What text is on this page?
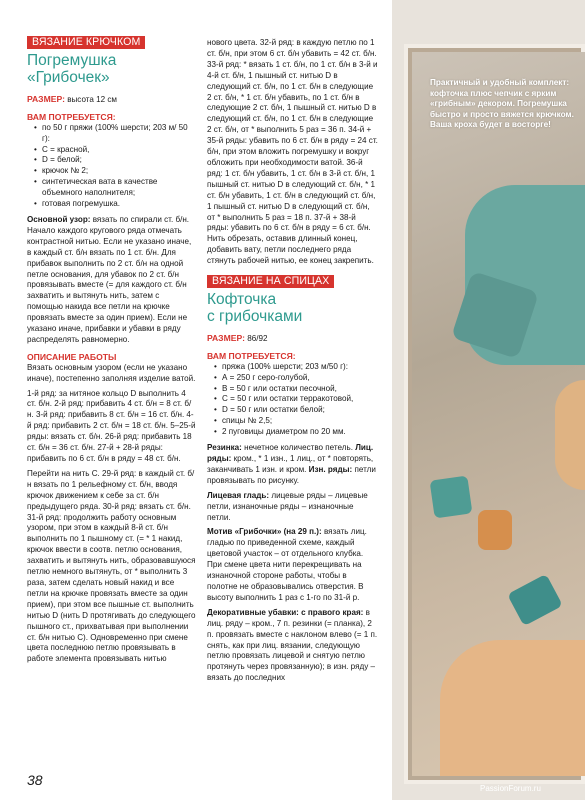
Практичный и удобный комплект: кофточка плюс чепчик с ярким «грибным» декором. Погремушка быстро и просто вяжется крючком. Ваша кроха будет в восторге!
ВЯЗАНИЕ КРЮЧКОМ
Погремушка
«Грибочек»

РАЗМЕР: высота 12 см

ВАМ ПОТРЕБУЕТСЯ:
• по 50 г пряжи (100% шерсти; 203 м/ 50 г):
• С = красной,
• D = белой;
• крючок № 2;
• синтетическая вата в качестве объемного наполнителя;
• готовая погремушка.

Основной узор: вязать по спирали ст. б/н. Начало каждого кругового ряда отмечать контрастной нитью. Если не указано иначе, в каждый ст. б/н вязать по 1 ст. б/н. Для прибавок выполнить по 2 ст. б/н на одной петле основания, для убавок по 2 ст. б/н провязывать вместе (= для каждого ст. б/н захватить и вытянуть нить, затем с помощью накида все петли на крючке провязать вместе за один прием). Если не указано иначе, прибавки и убавки в ряду распределять равномерно.

ОПИСАНИЕ РАБОТЫ

Вязать основным узором (если не указано иначе), постепенно заполняя изделие ватой.

1-й ряд: за нитяное кольцо D выполнить 4 ст. б/н. 2-й ряд: прибавить 4 ст. б/н = 8 ст. б/н. 3-й ряд: прибавить 8 ст. б/н = 16 ст. б/н. 4-й ряд: прибавить 2 ст. б/н = 18 ст. б/н. 5–25-й ряды: вязать ст. б/н. 26-й ряд: прибавить 18 ст. б/н = 36 ст. б/н. 27-й + 28-й ряды: прибавить по 6 ст. б/н в ряду = 48 ст. б/н.

Перейти на нить С. 29-й ряд: в каждый ст. б/н вязать по 1 рельефному ст. б/н, вводя крючок движением к себе за ст. б/н предыдущего ряда. 30-й ряд: вязать ст. б/н. 31-й ряд: продолжить работу основным узором, при этом в каждый 8-й ст. б/н выполнить по 1 пышному ст. (= * 1 накид, крючок ввести в соотв. петлю основания, захватить и вытянуть нить, образовавшуюся петлю немного вытянуть, от * выполнить 3 раза, затем сделать новый накид и все петли на крючке провязать вместе за один прием), при этом все пышные ст. выполнить нитью D (нить D протягивать до следующего пышного ст., прихватывая при выполнении ст. б/н нитью С). Одновременно при смене цвета последнюю петлю провязывать в работе элемента провязывать нитью

нового цвета. 32-й ряд: в каждую петлю по 1 ст. б/н, при этом 6 ст. б/н убавить = 42 ст. б/н. 33-й ряд: * вязать 1 ст. б/н, по 1 ст. б/н в 3-й и 4-й ст. б/н, 1 пышный ст. нитью D в следующий ст. б/н, по 1 ст. б/н в следующие 2 ст. б/н, * 1 ст. б/н убавить, по 1 ст. б/н в следующие 2 ст. б/н, 1 пышный ст. нитью D в следующий ст. б/н, по 1 ст. б/н в следующие 2 ст. б/н, от * выполнить 5 раз = 36 п. 34-й + 35-й ряды: убавить по 6 ст. б/н в ряду = 24 ст. б/н, при этом вложить погремушку и вокруг обложить при необходимости ватой. 36-й ряд: 1 ст. б/н убавить, 1 ст. б/н в 3-й ст. б/н, 1 пышный ст. нитью D в следующий ст. б/н, * 1 ст. б/н убавить, 1 ст. б/н в следующий ст. б/н, 1 пышный ст. нитью D в следующий ст. б/н, от * выполнить 5 раз = 18 п. 37-й + 38-й ряды: убавить по 6 ст. б/н в ряду = 6 ст. б/н. Нить обрезать, оставив длинный конец, добавить вату, петли последнего ряда стянуть рабочей нитью, ее конец закрепить.

ВЯЗАНИЕ НА СПИЦАХ
Кофточка
с грибочками

РАЗМЕР: 86/92

ВАМ ПОТРЕБУЕТСЯ:
• пряжа (100% шерсти; 203 м/50 г):
• А = 250 г серо-голубой,
• В = 50 г или остатки песочной,
• С = 50 г или остатки терракотовой,
• D = 50 г или остатки белой;
• спицы № 2,5;
• 2 пуговицы диаметром по 20 мм.

Резинка: нечетное количество петель. Лиц. ряды: кром., * 1 изн., 1 лиц., от * повторять, заканчивать 1 изн. и кром. Изн. ряды: петли провязывать по рисунку.

Лицевая гладь: лицевые ряды – лицевые петли, изнаночные ряды – изнаночные петли.

Мотив «Грибочки» (на 29 п.): вязать лиц. гладью по приведенной схеме, каждый цветовой участок – от отдельного клубка. При смене цвета нити перекрещивать на изнаночной стороне работы, чтобы в полотне не образовывались отверстия. В высоту выполнить 1 раз с 1-го по 31-й р.

Декоративные убавки: с правого края: в лиц. ряду – кром., 7 п. резинки (= планка), 2 п. провязать вместе с наклоном влево (= 1 п. снять, как при лиц. вязании, следующую петлю провязать лицевой и снятую петлю протянуть через провязанную); в изн. ряду – вязать до последних

38
PassionForum.ru
